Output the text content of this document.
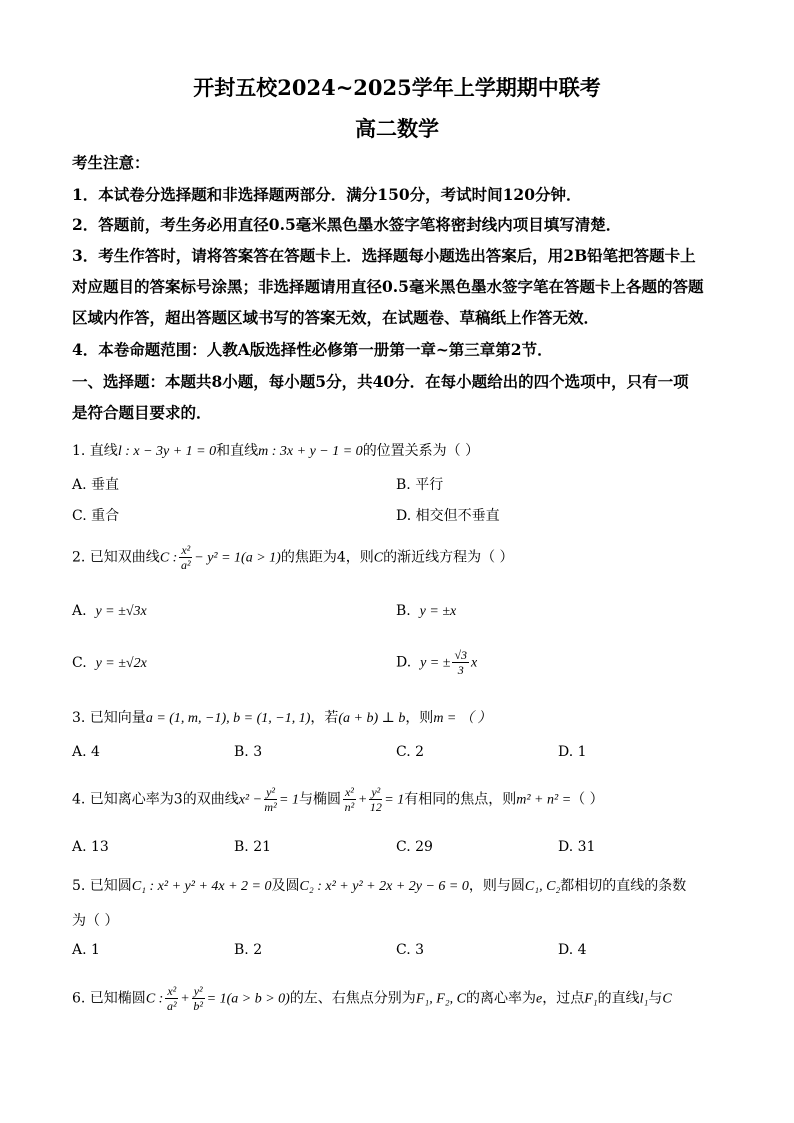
开封五校2024~2025学年上学期期中联考
高二数学
考生注意：
1．本试卷分选择题和非选择题两部分．满分150分，考试时间120分钟．
2．答题前，考生务必用直径0.5毫米黑色墨水签字笔将密封线内项目填写清楚．
3．考生作答时，请将答案答在答题卡上．选择题每小题选出答案后，用2B铅笔把答题卡上
对应题目的答案标号涂黑；非选择题请用直径0.5毫米黑色墨水签字笔在答题卡上各题的答题
区域内作答，超出答题区域书写的答案无效，在试题卷、草稿纸上作答无效．
4．本卷命题范围：人教A版选择性必修第一册第一章~第三章第2节．
一、选择题：本题共8小题，每小题5分，共40分．在每小题给出的四个选项中，只有一项
是符合题目要求的．
1. 直线l : x − 3y + 1 = 0和直线m : 3x + y − 1 = 0的位置关系为（ ）
A. 垂直	B. 平行
C. 重合	D. 相交但不垂直
2. 已知双曲线C : $\frac{\text{x²}}{\text{a²}} - y^2 = 1(a > 1)$的焦距为4，则C的渐近线方程为（ ）
A. y = ±√3x	B. y = ±x
C. y = ±√2x	D. y = ± $\frac{√3}{3}$ x
3. 已知向量a = (1, m, −1), b = (1, −1, 1)，若(a + b) ⊥ b，则m = （ ）
A. 4	B. 3	C. 2	D. 1
4. 已知离心率为3的双曲线$x^2 - \frac{\text{y²}}{\text{m²}} = 1$与椭圆 $\frac{\text{x²}}{\text{n²}} + \frac{\text{y²}}{12} = 1$有相同的焦点，则m² + n² =（ ）
A. 13	B. 21	C. 29	D. 31
5. 已知圆C₁ : x² + y² + 4x + 2 = 0及圆C₂ : x² + y² + 2x + 2y − 6 = 0，则与圆C₁, C₂都相切的直线的条数
为（ ）
A. 1	B. 2	C. 3	D. 4
6. 已知椭圆C : $\frac{\text{x²}}{\text{a²}} + \frac{\text{y²}}{\text{b²}} = 1(a > b > 0)$的左、右焦点分别为F₁, F₂, C的离心率为e，过点F₁的直线l₁与C
